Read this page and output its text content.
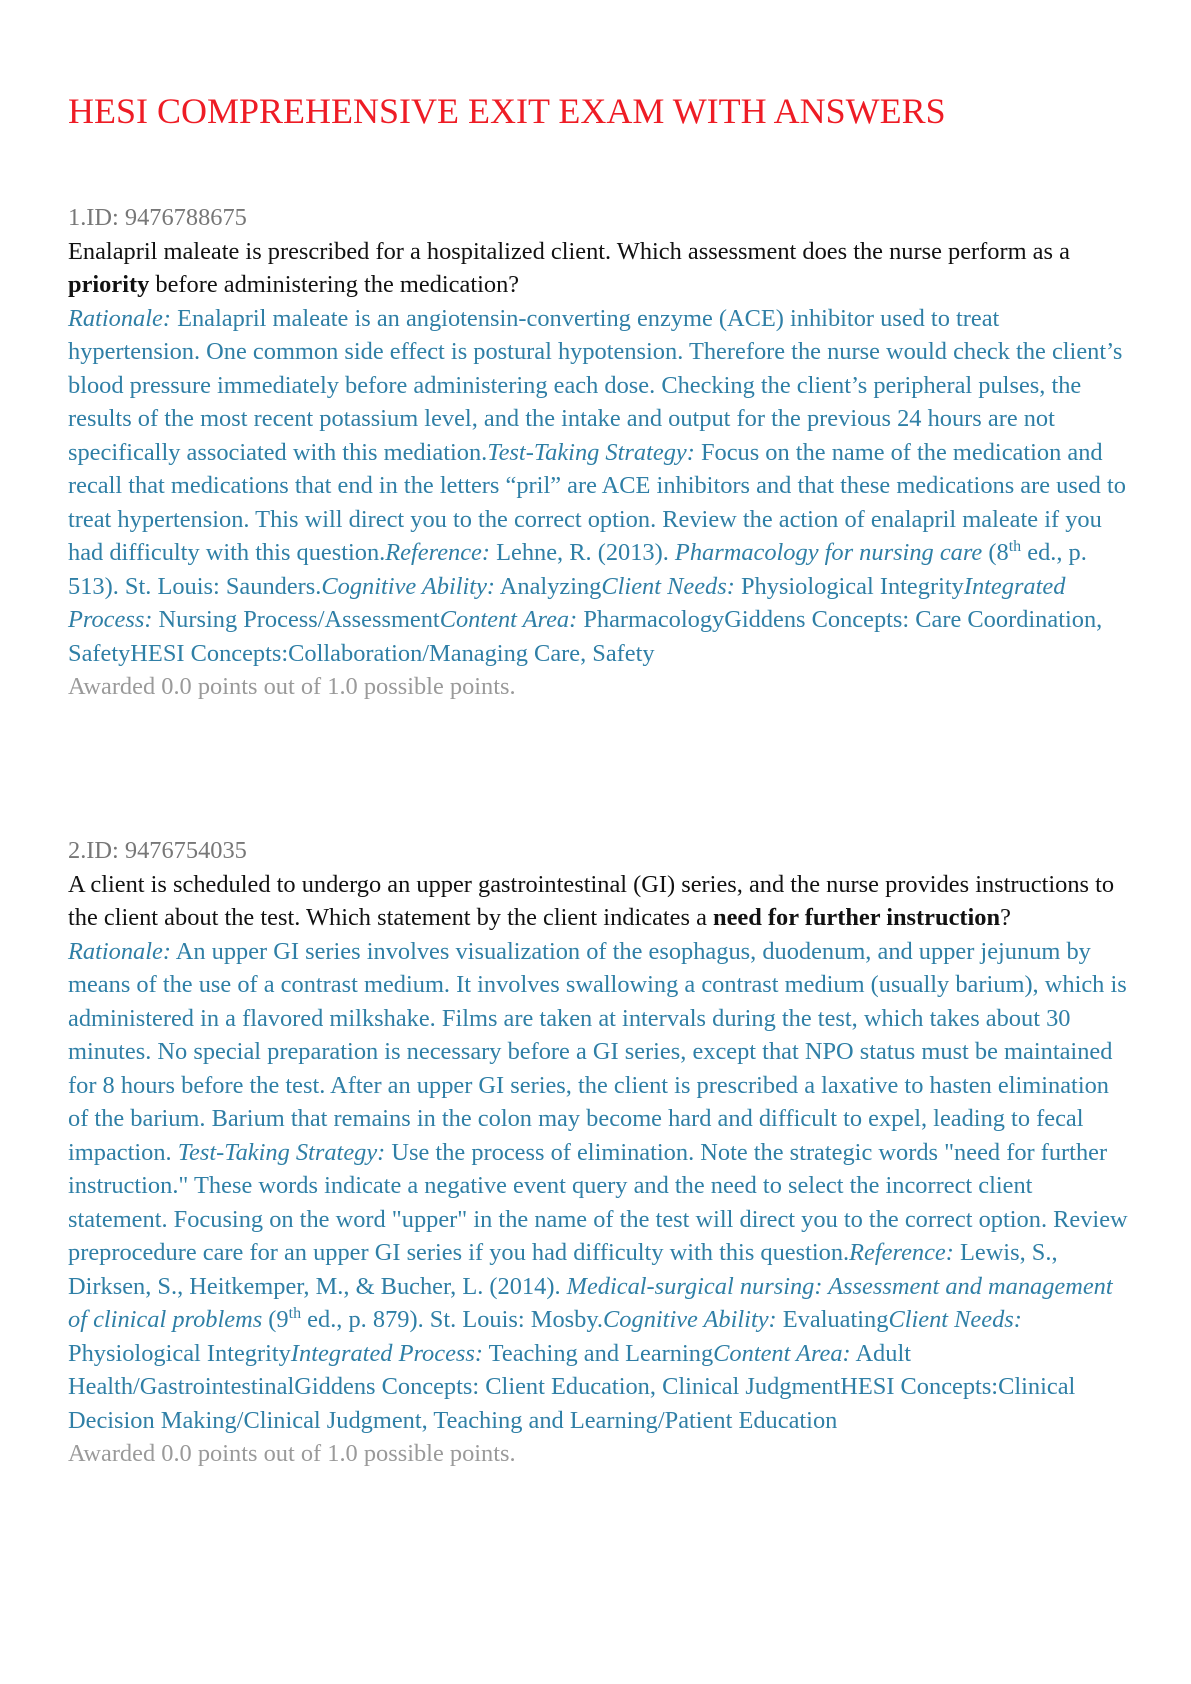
HESI COMPREHENSIVE EXIT EXAM WITH ANSWERS
1.ID: 9476788675
Enalapril maleate is prescribed for a hospitalized client. Which assessment does the nurse perform as a priority before administering the medication?
Rationale: Enalapril maleate is an angiotensin-converting enzyme (ACE) inhibitor used to treat hypertension. One common side effect is postural hypotension. Therefore the nurse would check the client’s blood pressure immediately before administering each dose. Checking the client’s peripheral pulses, the results of the most recent potassium level, and the intake and output for the previous 24 hours are not specifically associated with this mediation.Test-Taking Strategy: Focus on the name of the medication and recall that medications that end in the letters “pril” are ACE inhibitors and that these medications are used to treat hypertension. This will direct you to the correct option. Review the action of enalapril maleate if you had difficulty with this question.Reference: Lehne, R. (2013). Pharmacology for nursing care (8th ed., p. 513). St. Louis: Saunders.Cognitive Ability: AnalyzingClient Needs: Physiological IntegrityIntegrated Process: Nursing Process/AssessmentContent Area: PharmacologyGiddens Concepts: Care Coordination, SafetyHESI Concepts:Collaboration/Managing Care, Safety
Awarded 0.0 points out of 1.0 possible points.
2.ID: 9476754035
A client is scheduled to undergo an upper gastrointestinal (GI) series, and the nurse provides instructions to the client about the test. Which statement by the client indicates a need for further instruction?
Rationale: An upper GI series involves visualization of the esophagus, duodenum, and upper jejunum by means of the use of a contrast medium. It involves swallowing a contrast medium (usually barium), which is administered in a flavored milkshake. Films are taken at intervals during the test, which takes about 30 minutes. No special preparation is necessary before a GI series, except that NPO status must be maintained for 8 hours before the test. After an upper GI series, the client is prescribed a laxative to hasten elimination of the barium. Barium that remains in the colon may become hard and difficult to expel, leading to fecal impaction. Test-Taking Strategy: Use the process of elimination. Note the strategic words "need for further instruction." These words indicate a negative event query and the need to select the incorrect client statement. Focusing on the word "upper" in the name of the test will direct you to the correct option. Review preprocedure care for an upper GI series if you had difficulty with this question.Reference: Lewis, S., Dirksen, S., Heitkemper, M., & Bucher, L. (2014). Medical-surgical nursing: Assessment and management of clinical problems (9th ed., p. 879). St. Louis: Mosby.Cognitive Ability: EvaluatingClient Needs: Physiological IntegrityIntegrated Process: Teaching and LearningContent Area: Adult Health/GastrointestinalGiddens Concepts: Client Education, Clinical JudgmentHESI Concepts:Clinical Decision Making/Clinical Judgment, Teaching and Learning/Patient Education
Awarded 0.0 points out of 1.0 possible points.
